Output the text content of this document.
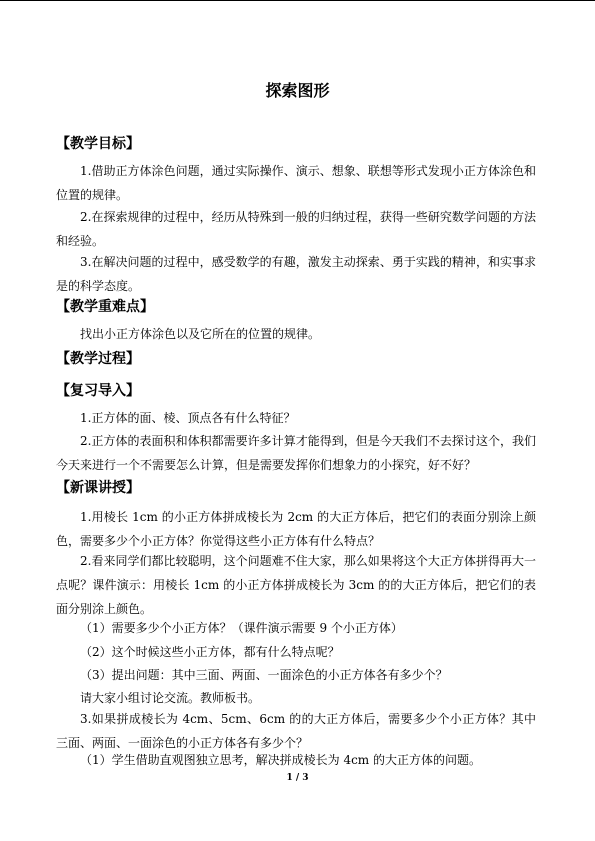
探索图形
【教学目标】
1.借助正方体涂色问题，通过实际操作、演示、想象、联想等形式发现小正方体涂色和位置的规律。
2.在探索规律的过程中，经历从特殊到一般的归纳过程，获得一些研究数学问题的方法和经验。
3.在解决问题的过程中，感受数学的有趣，激发主动探索、勇于实践的精神，和实事求是的科学态度。
【教学重难点】
找出小正方体涂色以及它所在的位置的规律。
【教学过程】
【复习导入】
1.正方体的面、棱、顶点各有什么特征？
2.正方体的表面积和体积都需要许多计算才能得到，但是今天我们不去探讨这个，我们今天来进行一个不需要怎么计算，但是需要发挥你们想象力的小探究，好不好？
【新课讲授】
1.用棱长 1cm 的小正方体拼成棱长为 2cm 的大正方体后，把它们的表面分别涂上颜色，需要多少个小正方体？你觉得这些小正方体有什么特点？
2.看来同学们都比较聪明，这个问题难不住大家，那么如果将这个大正方体拼得再大一点呢？课件演示：用棱长 1cm 的小正方体拼成棱长为 3cm 的的大正方体后，把它们的表面分别涂上颜色。
（1）需要多少个小正方体？（课件演示需要 9 个小正方体）
（2）这个时候这些小正方体，都有什么特点呢？
（3）提出问题：其中三面、两面、一面涂色的小正方体各有多少个？
请大家小组讨论交流。教师板书。
3.如果拼成棱长为 4cm、5cm、6cm 的的大正方体后，需要多少个小正方体？其中三面、两面、一面涂色的小正方体各有多少个？
（1）学生借助直观图独立思考，解决拼成棱长为 4cm 的大正方体的问题。
1 / 3
